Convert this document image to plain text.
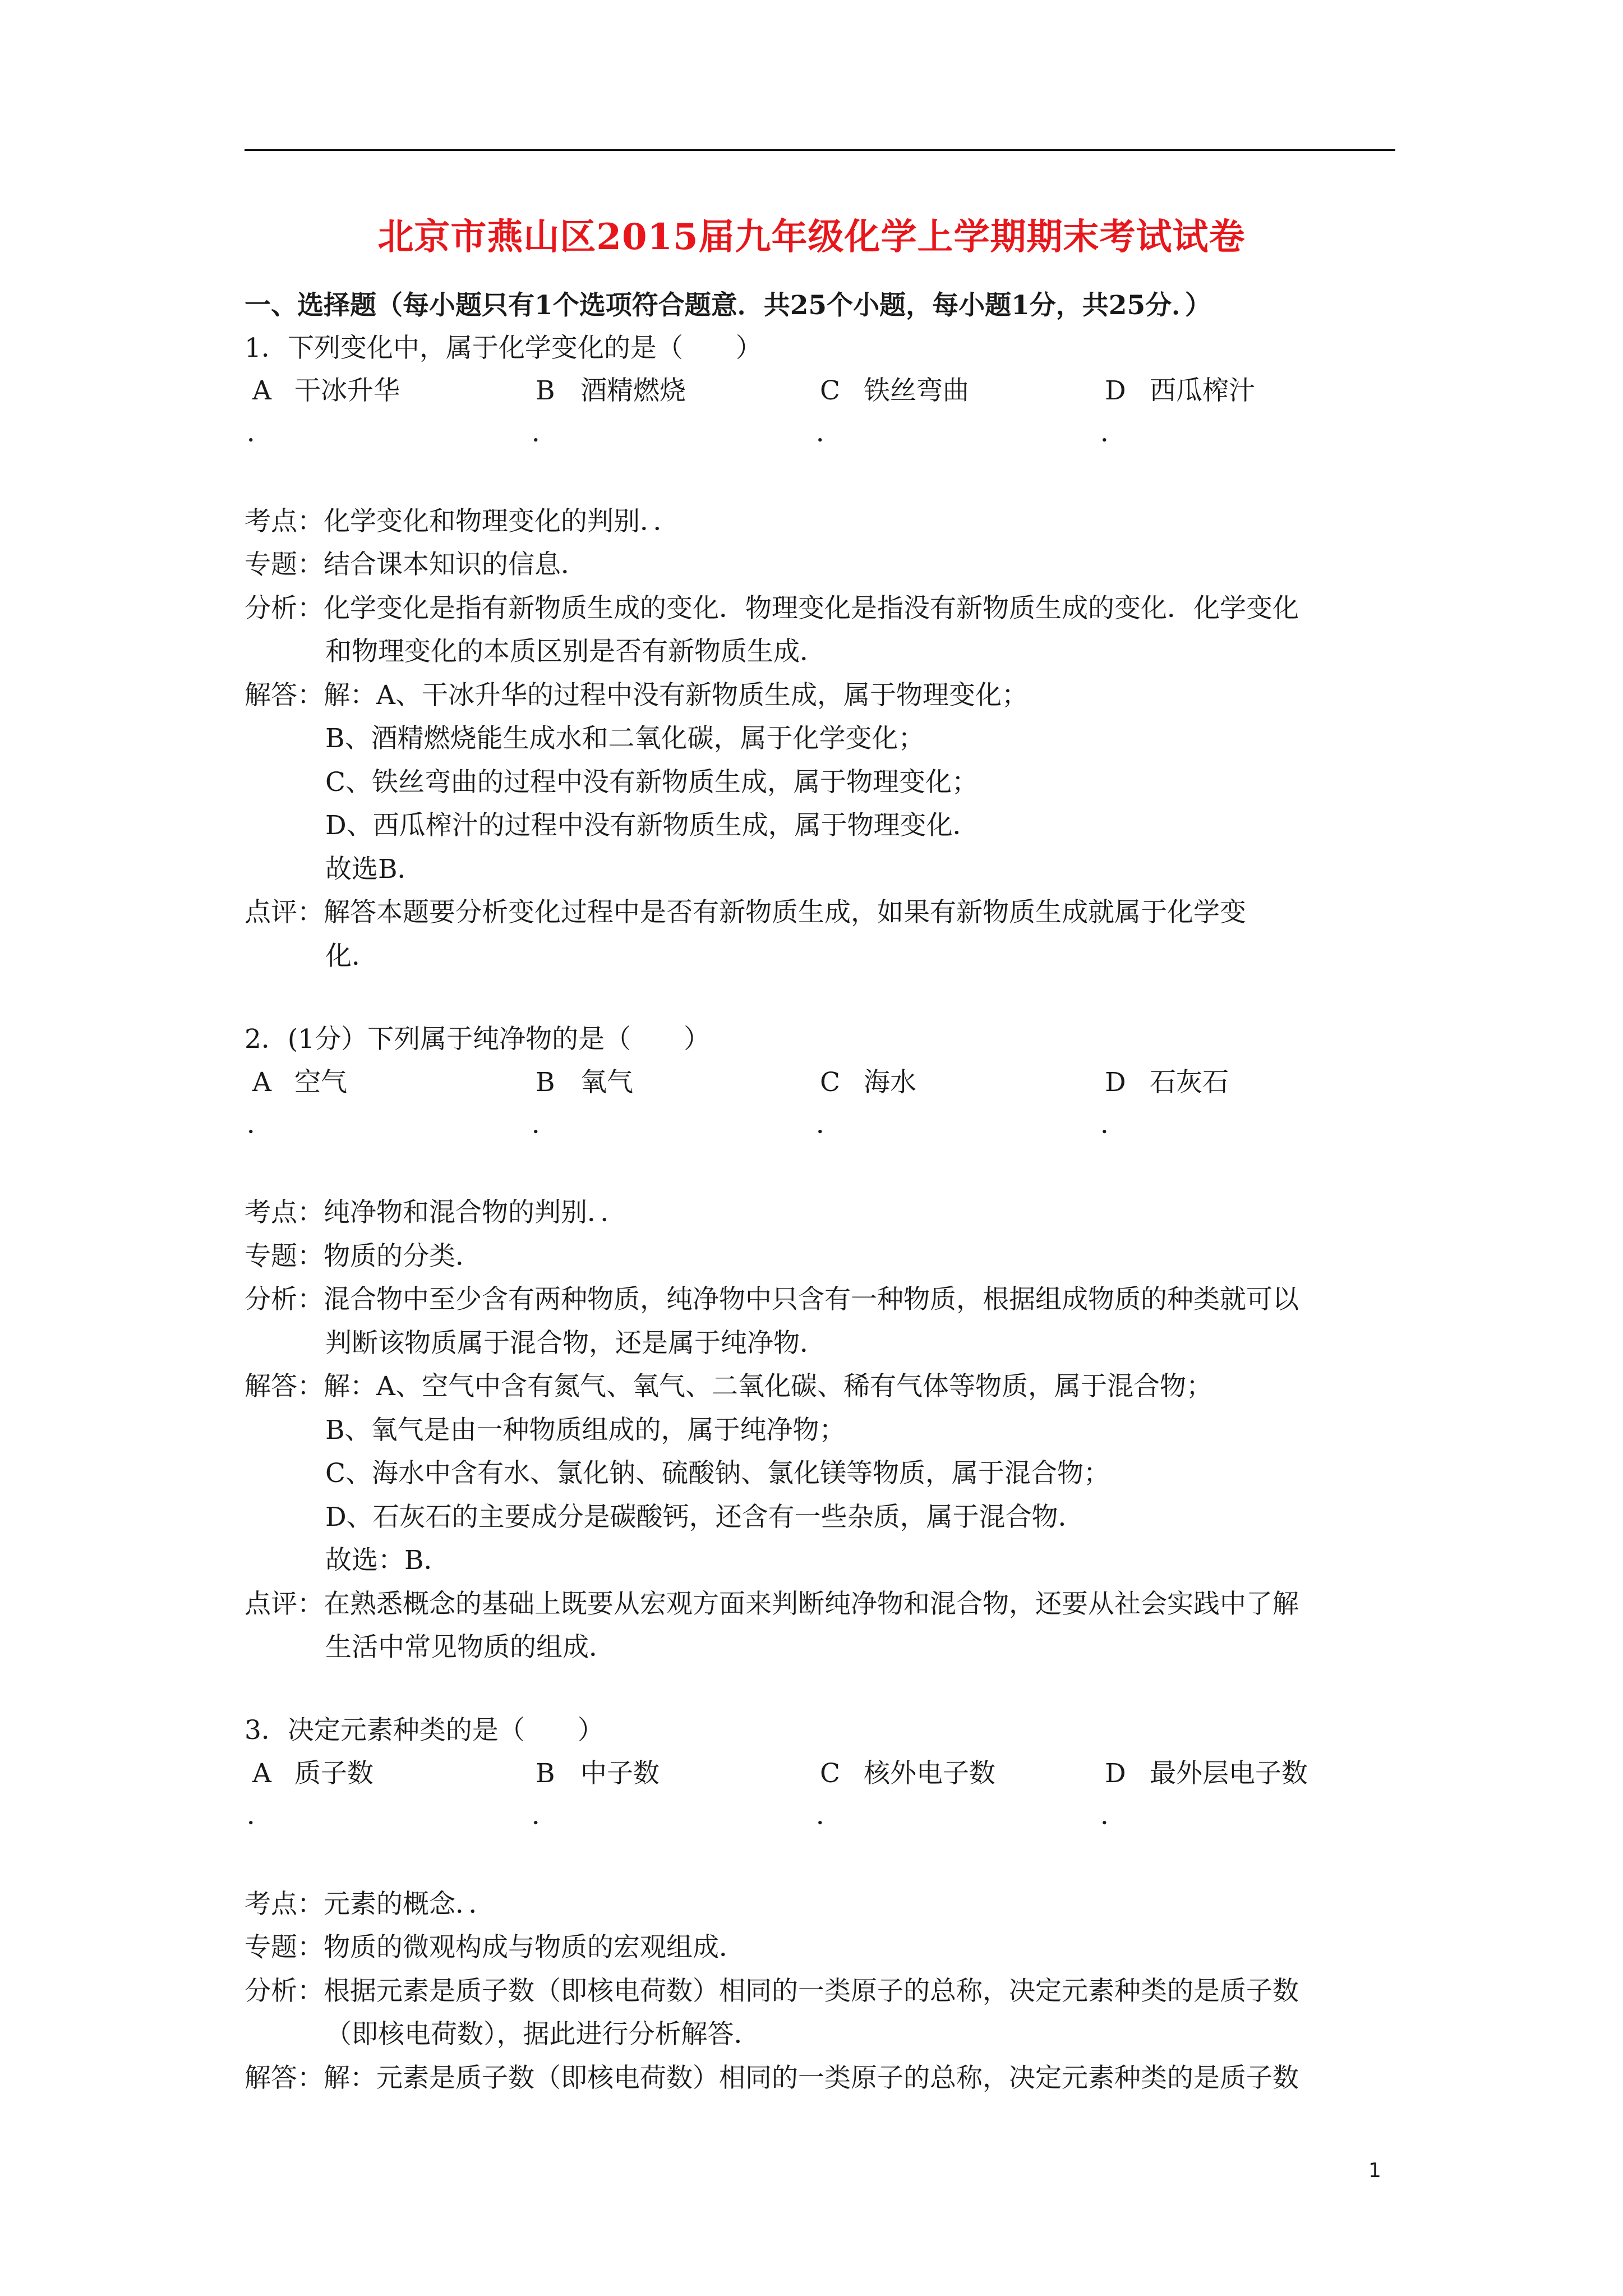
北京市燕山区2015届九年级化学上学期期末考试试卷
一、选择题（每小题只有1个选项符合题意．共25个小题，每小题1分，共25分．）
1．下列变化中，属于化学变化的是（　　）
A 干冰升华	B 酒精燃烧	C 铁丝弯曲	D 西瓜榨汁
．	．	．	．
考点：化学变化和物理变化的判别．．
专题：结合课本知识的信息．
分析：化学变化是指有新物质生成的变化．物理变化是指没有新物质生成的变化．化学变化
和物理变化的本质区别是否有新物质生成．
解答：解：A、干冰升华的过程中没有新物质生成，属于物理变化；
B、酒精燃烧能生成水和二氧化碳，属于化学变化；
C、铁丝弯曲的过程中没有新物质生成，属于物理变化；
D、西瓜榨汁的过程中没有新物质生成，属于物理变化．
故选B．
点评：解答本题要分析变化过程中是否有新物质生成，如果有新物质生成就属于化学变
化．
2．(1分）下列属于纯净物的是（　　）
A 空气	B 氧气	C 海水	D 石灰石
．	．	．	．
考点：纯净物和混合物的判别．．
专题：物质的分类．
分析：混合物中至少含有两种物质，纯净物中只含有一种物质，根据组成物质的种类就可以
判断该物质属于混合物，还是属于纯净物．
解答：解：A、空气中含有氮气、氧气、二氧化碳、稀有气体等物质，属于混合物；
B、氧气是由一种物质组成的，属于纯净物；
C、海水中含有水、氯化钠、硫酸钠、氯化镁等物质，属于混合物；
D、石灰石的主要成分是碳酸钙，还含有一些杂质，属于混合物．
故选：B．
点评：在熟悉概念的基础上既要从宏观方面来判断纯净物和混合物，还要从社会实践中了解
生活中常见物质的组成．
3．决定元素种类的是（　　）
A 质子数	B 中子数	C 核外电子数	D 最外层电子数
．	．	．	．
考点：元素的概念．．
专题：物质的微观构成与物质的宏观组成．
分析：根据元素是质子数（即核电荷数）相同的一类原子的总称，决定元素种类的是质子数
（即核电荷数），据此进行分析解答．
解答：解：元素是质子数（即核电荷数）相同的一类原子的总称，决定元素种类的是质子数
1
